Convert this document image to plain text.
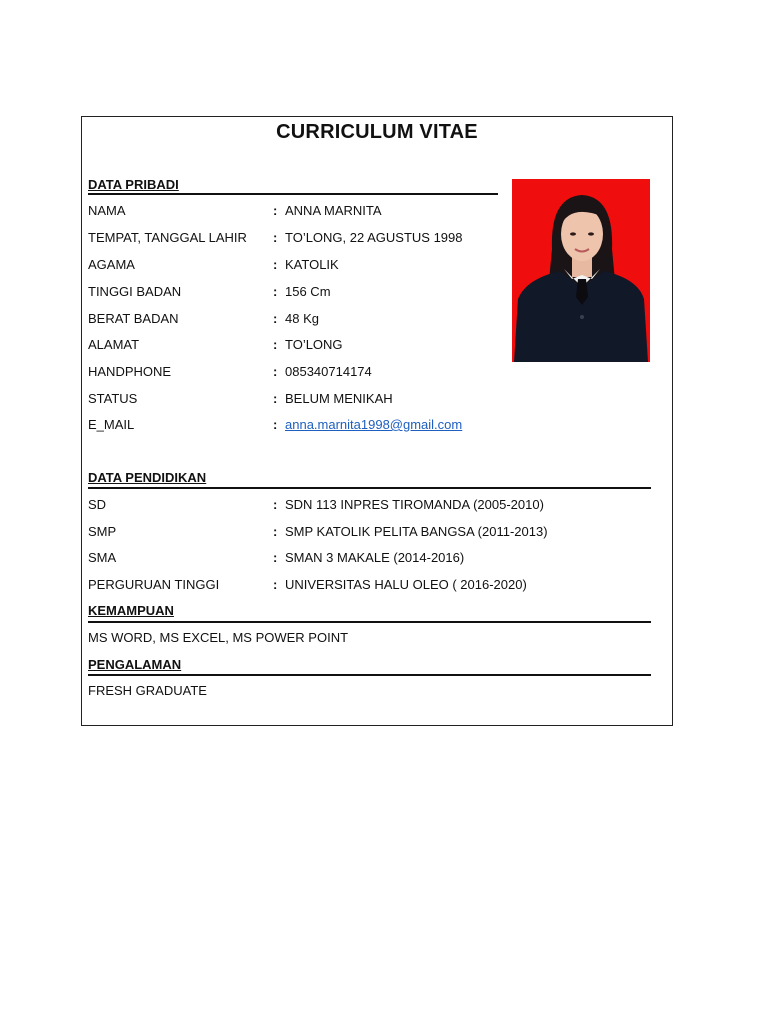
CURRICULUM VITAE
DATA PRIBADI
NAMA	: ANNA MARNITA
TEMPAT, TANGGAL LAHIR : TO’LONG, 22 AGUSTUS 1998
AGAMA	: KATOLIK
TINGGI BADAN	: 156 Cm
BERAT BADAN	: 48 Kg
ALAMAT	: TO’LONG
HANDPHONE	: 085340714174
STATUS	: BELUM MENIKAH
E_MAIL	: anna.marnita1998@gmail.com
DATA PENDIDIKAN
SD	: SDN 113 INPRES TIROMANDA (2005-2010)
SMP	: SMP KATOLIK PELITA BANGSA (2011-2013)
SMA	: SMAN 3 MAKALE (2014-2016)
PERGURUAN TINGGI	: UNIVERSITAS HALU OLEO ( 2016-2020)
KEMAMPUAN
MS WORD, MS EXCEL, MS POWER POINT
PENGALAMAN
FRESH GRADUATE
